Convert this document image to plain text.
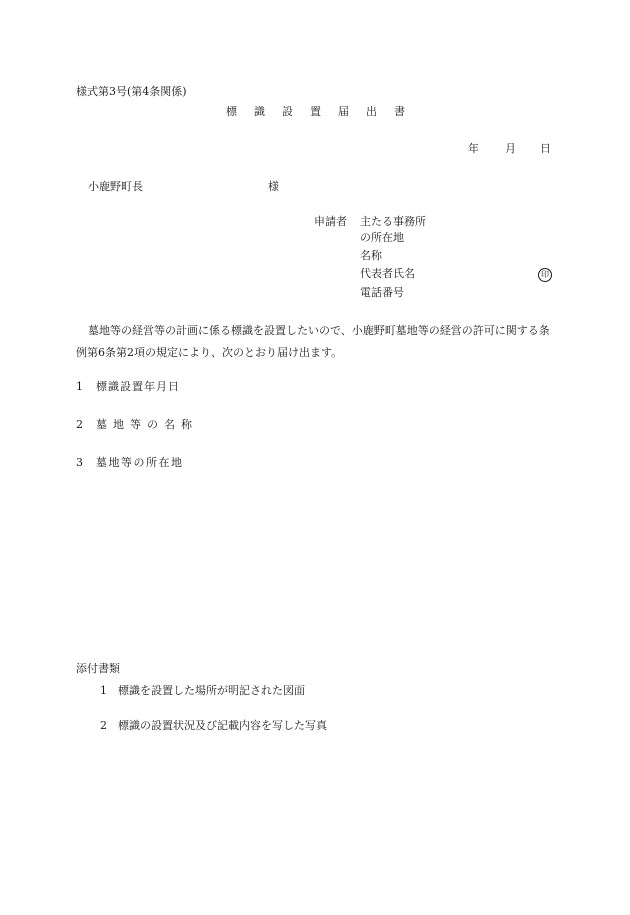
様式第3号(第4条関係)
標 識 設 置 届 出 書
年 月 日
小鹿野町長	様
申請者 主たる事務所
の所在地
名称
代表者氏名	印
電話番号
墓地等の経営等の計画に係る標識を設置したいので、小鹿野町墓地等の経営の許可に関する条例第6条第2項の規定により、次のとおり届け出ます。
1 標識設置年月日
2 墓地等の名称
3 墓地等の所在地
添付書類
1 標識を設置した場所が明記された図面
2 標識の設置状況及び記載内容を写した写真
